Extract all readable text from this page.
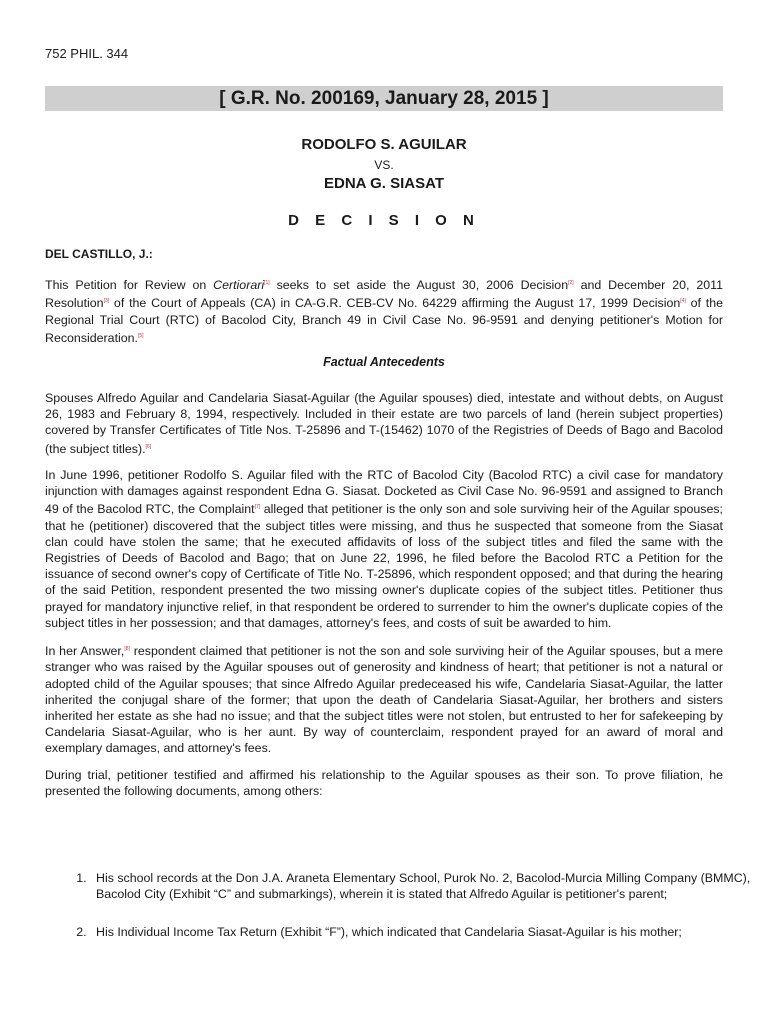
752 PHIL. 344
[ G.R. No. 200169, January 28, 2015 ]
RODOLFO S. AGUILAR
VS.
EDNA G. SIASAT
D E C I S I O N
DEL CASTILLO, J.:

This Petition for Review on Certiorari[1] seeks to set aside the August 30, 2006 Decision[2] and December 20, 2011 Resolution[3] of the Court of Appeals (CA) in CA-G.R. CEB-CV No. 64229 affirming the August 17, 1999 Decision[4] of the Regional Trial Court (RTC) of Bacolod City, Branch 49 in Civil Case No. 96-9591 and denying petitioner's Motion for Reconsideration.[5]

Factual Antecedents

Spouses Alfredo Aguilar and Candelaria Siasat-Aguilar (the Aguilar spouses) died, intestate and without debts, on August 26, 1983 and February 8, 1994, respectively. Included in their estate are two parcels of land (herein subject properties) covered by Transfer Certificates of Title Nos. T-25896 and T-(15462) 1070 of the Registries of Deeds of Bago and Bacolod (the subject titles).[6]

In June 1996, petitioner Rodolfo S. Aguilar filed with the RTC of Bacolod City (Bacolod RTC) a civil case for mandatory injunction with damages against respondent Edna G. Siasat. Docketed as Civil Case No. 96-9591 and assigned to Branch 49 of the Bacolod RTC, the Complaint[7] alleged that petitioner is the only son and sole surviving heir of the Aguilar spouses; that he (petitioner) discovered that the subject titles were missing, and thus he suspected that someone from the Siasat clan could have stolen the same; that he executed affidavits of loss of the subject titles and filed the same with the Registries of Deeds of Bacolod and Bago; that on June 22, 1996, he filed before the Bacolod RTC a Petition for the issuance of second owner's copy of Certificate of Title No. T-25896, which respondent opposed; and that during the hearing of the said Petition, respondent presented the two missing owner's duplicate copies of the subject titles. Petitioner thus prayed for mandatory injunctive relief, in that respondent be ordered to surrender to him the owner's duplicate copies of the subject titles in her possession; and that damages, attorney's fees, and costs of suit be awarded to him.

In her Answer,[8] respondent claimed that petitioner is not the son and sole surviving heir of the Aguilar spouses, but a mere stranger who was raised by the Aguilar spouses out of generosity and kindness of heart; that petitioner is not a natural or adopted child of the Aguilar spouses; that since Alfredo Aguilar predeceased his wife, Candelaria Siasat-Aguilar, the latter inherited the conjugal share of the former; that upon the death of Candelaria Siasat-Aguilar, her brothers and sisters inherited her estate as she had no issue; and that the subject titles were not stolen, but entrusted to her for safekeeping by Candelaria Siasat-Aguilar, who is her aunt. By way of counterclaim, respondent prayed for an award of moral and exemplary damages, and attorney's fees.

During trial, petitioner testified and affirmed his relationship to the Aguilar spouses as their son. To prove filiation, he presented the following documents, among others:

1. His school records at the Don J.A. Araneta Elementary School, Purok No. 2, Bacolod-Murcia Milling Company (BMMC), Bacolod City (Exhibit “C” and submarkings), wherein it is stated that Alfredo Aguilar is petitioner's parent;
2. His Individual Income Tax Return (Exhibit “F”), which indicated that Candelaria Siasat-Aguilar is his mother;
